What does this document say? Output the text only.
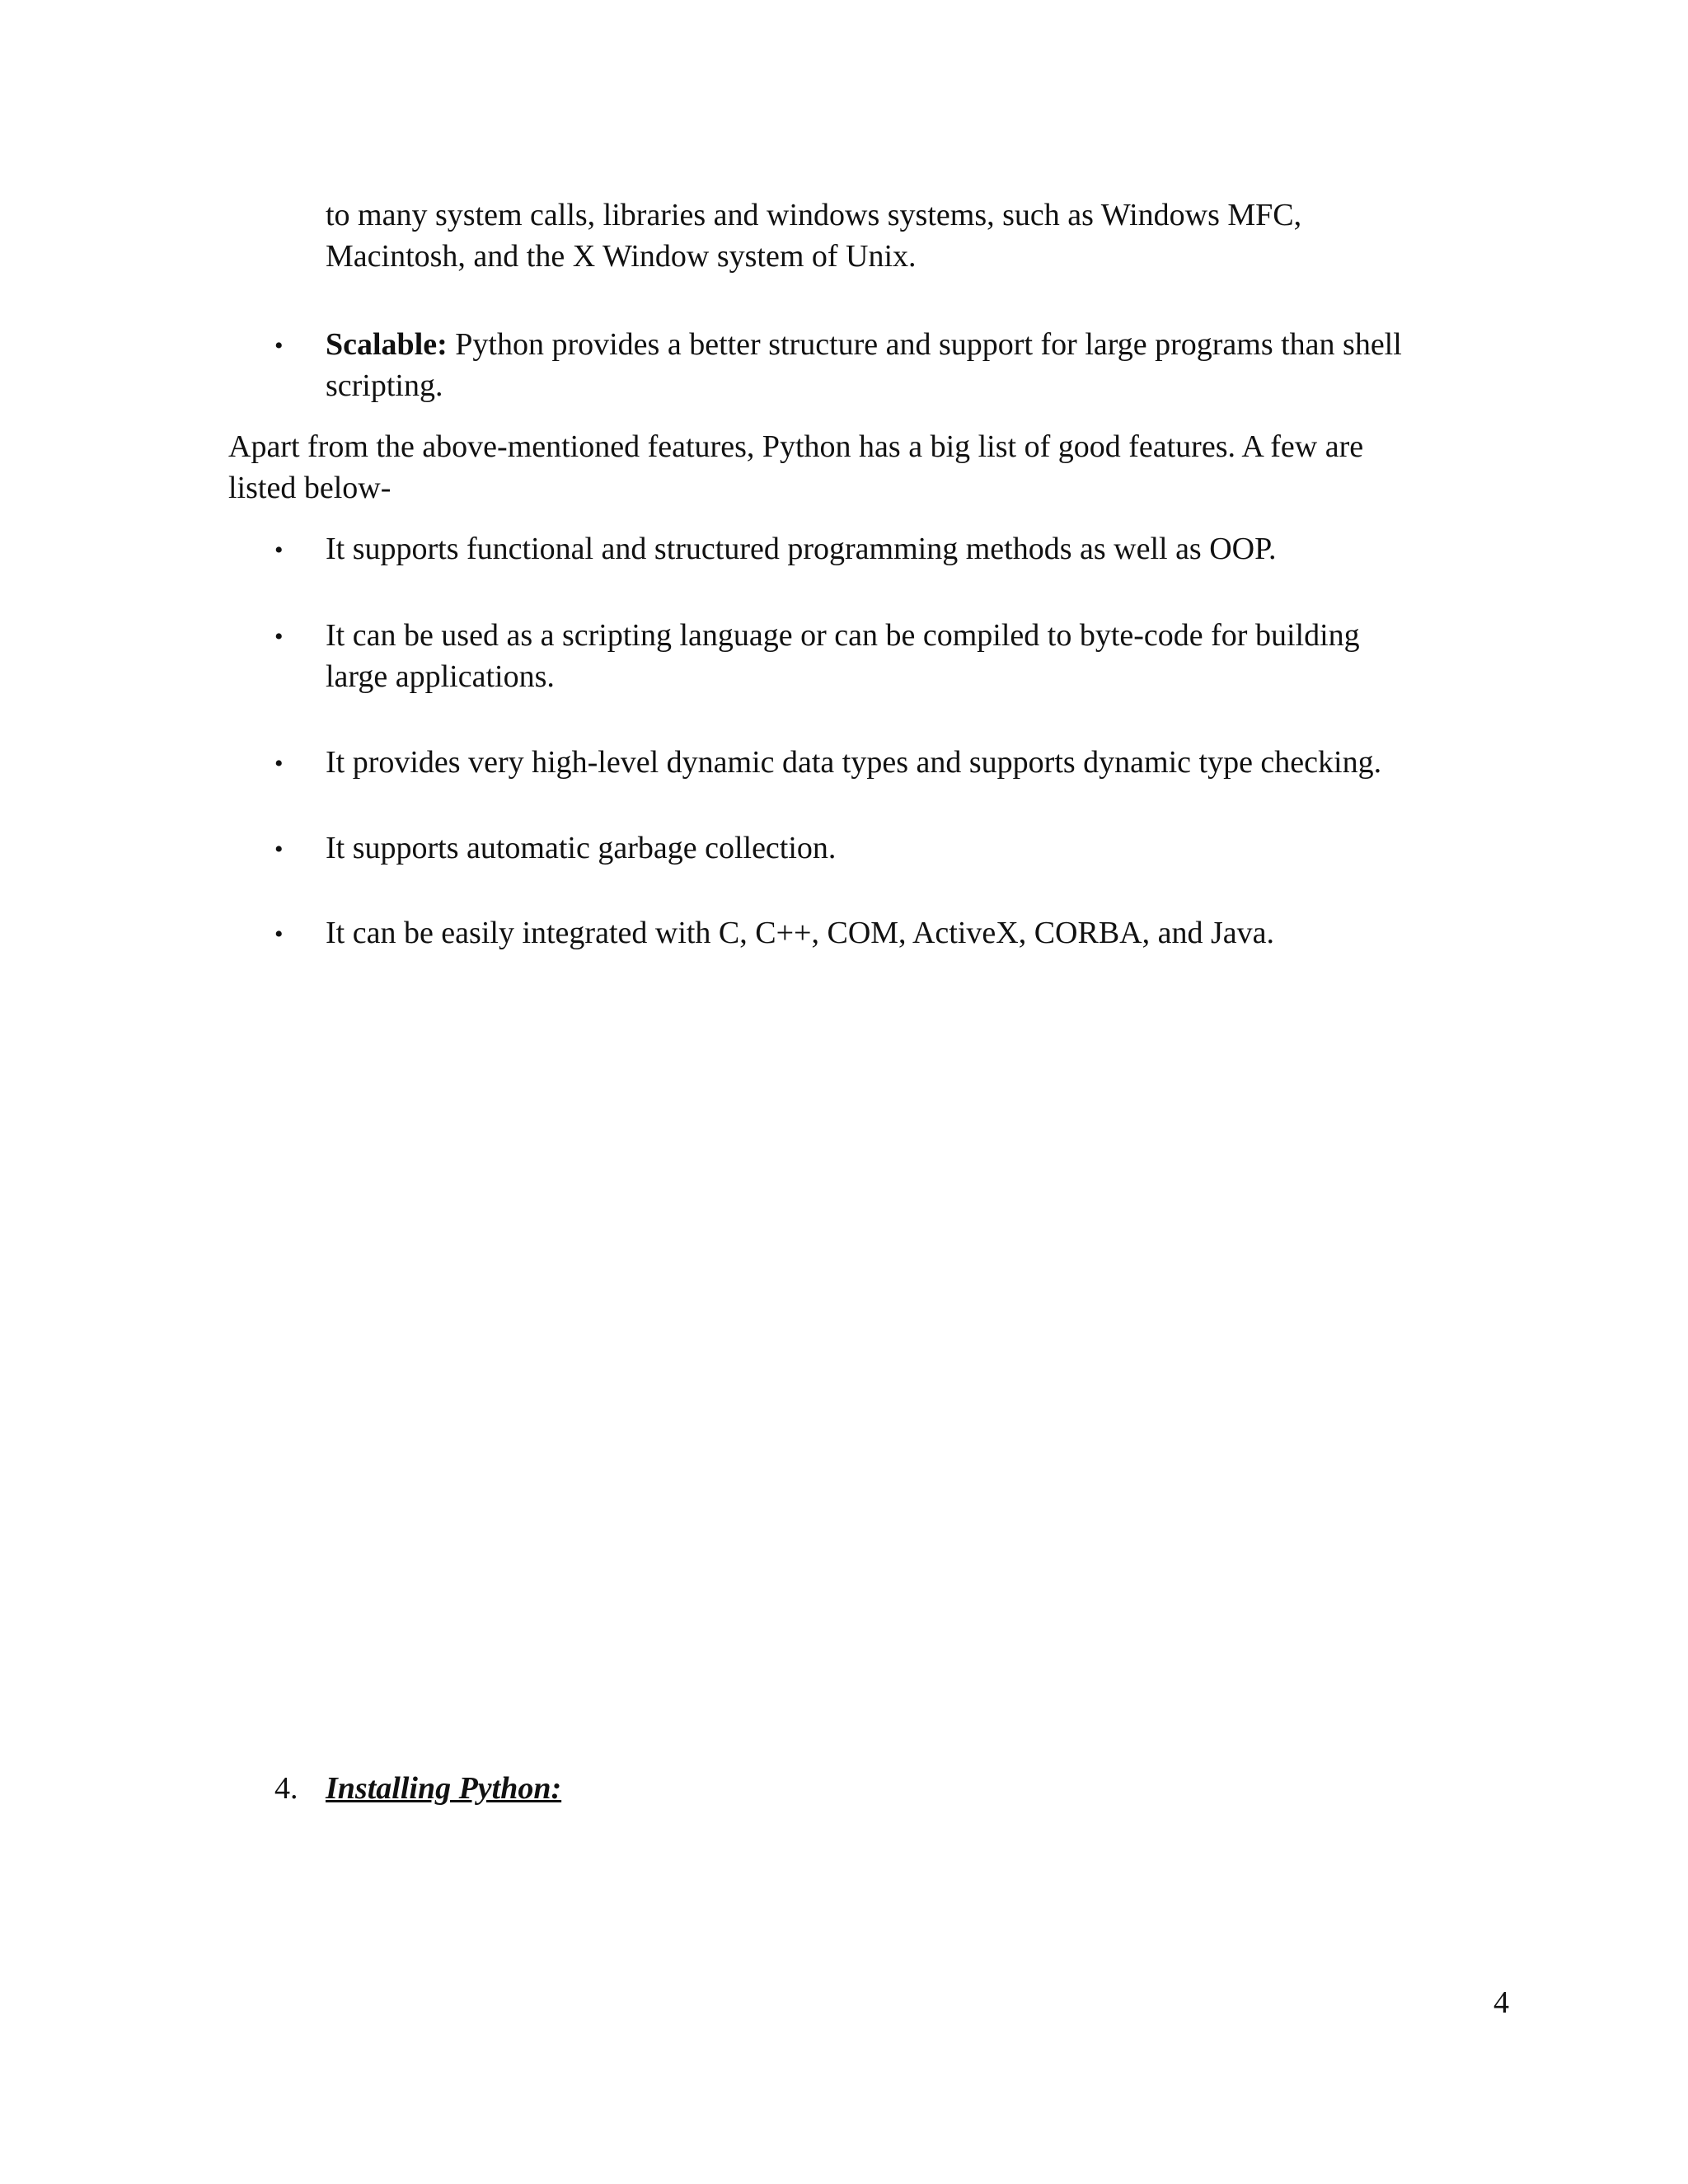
to many system calls, libraries and windows systems, such as Windows MFC,
Macintosh, and the X Window system of Unix.
• Scalable: Python provides a better structure and support for large programs than shell
scripting.
Apart from the above-mentioned features, Python has a big list of good features. A few are
listed below-
• It supports functional and structured programming methods as well as OOP.
• It can be used as a scripting language or can be compiled to byte-code for building
large applications.
• It provides very high-level dynamic data types and supports dynamic type checking.
• It supports automatic garbage collection.
• It can be easily integrated with C, C++, COM, ActiveX, CORBA, and Java.
4. Installing Python:
4
